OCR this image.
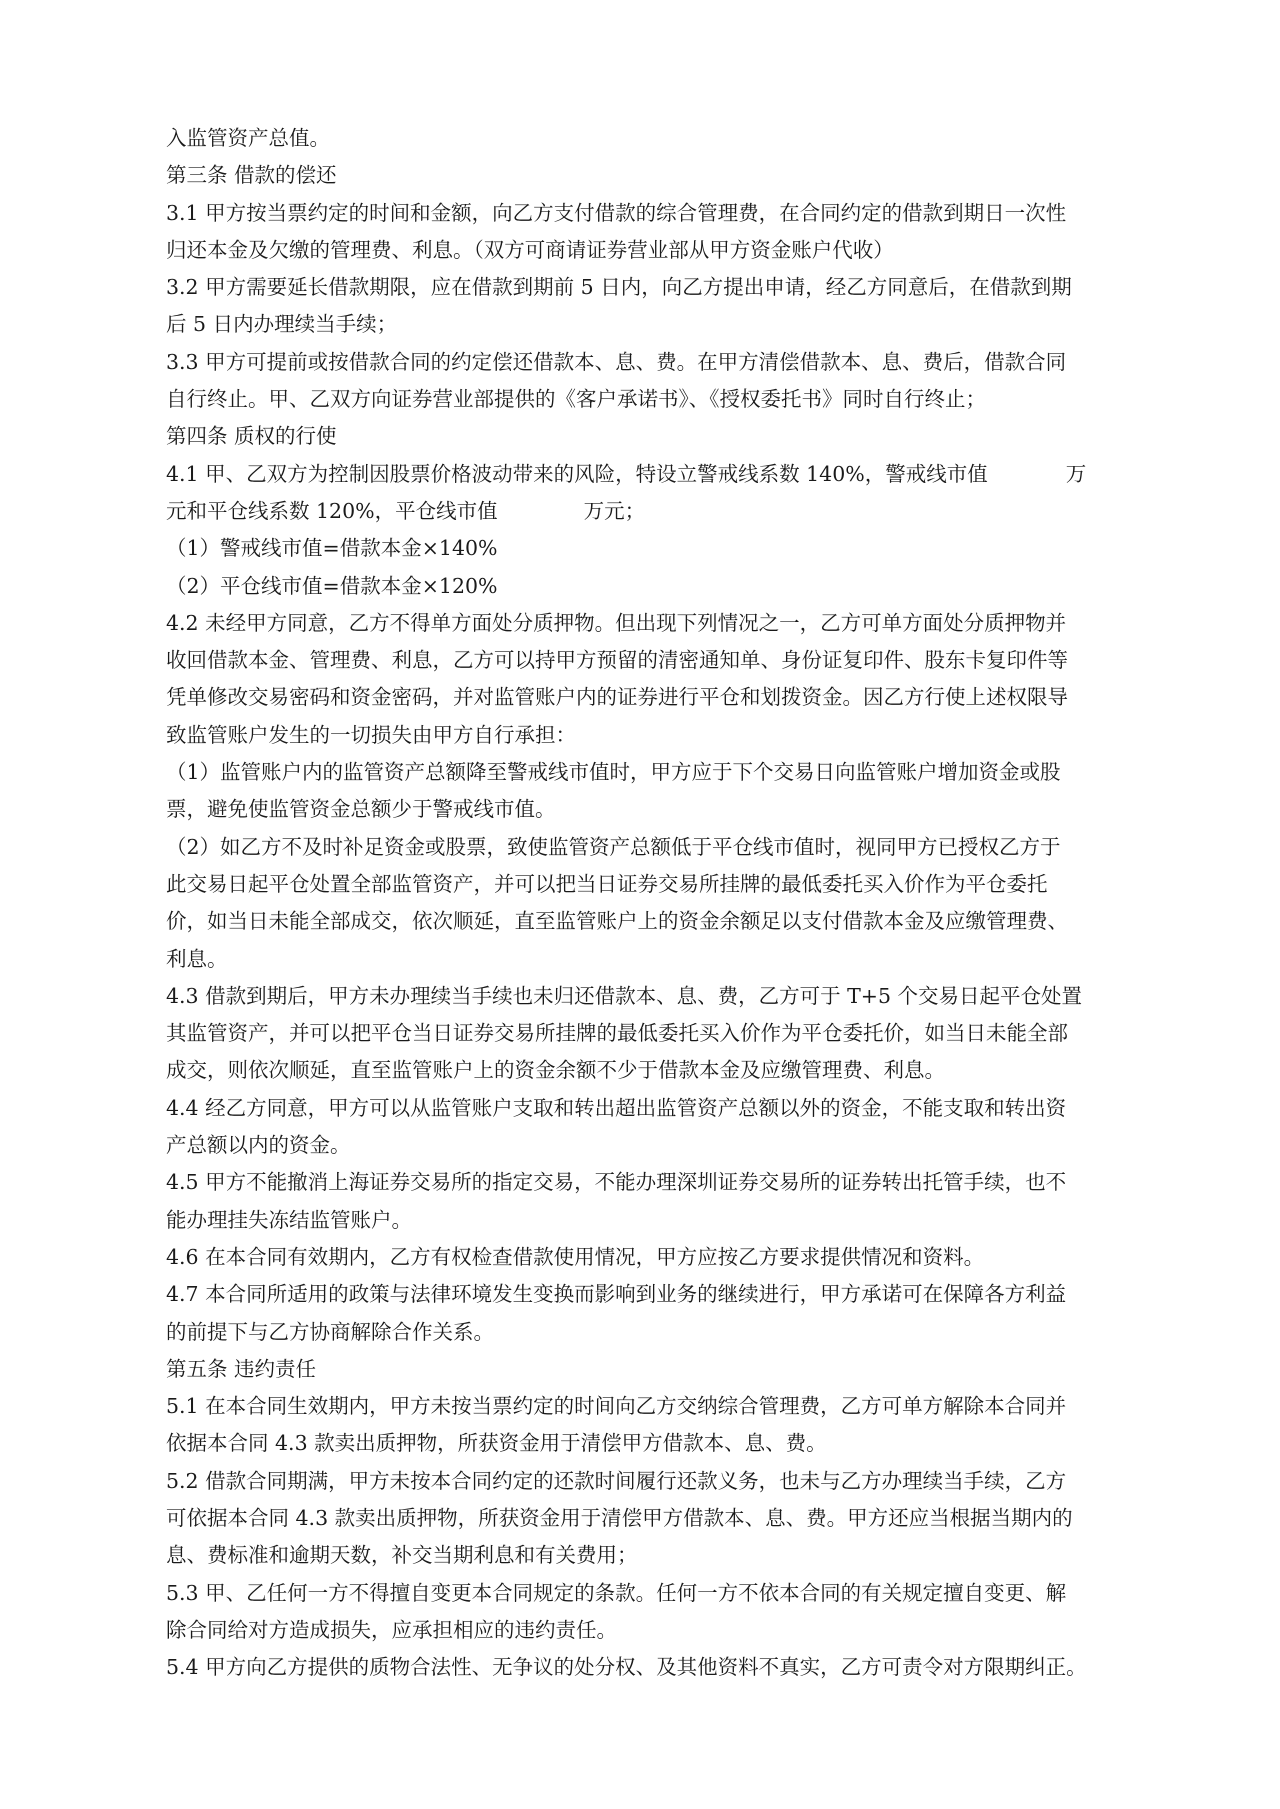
入监管资产总值。
第三条 借款的偿还
3.1 甲方按当票约定的时间和金额，向乙方支付借款的综合管理费，在合同约定的借款到期日一次性
归还本金及欠缴的管理费、利息。（双方可商请证券营业部从甲方资金账户代收）
3.2 甲方需要延长借款期限，应在借款到期前 5 日内，向乙方提出申请，经乙方同意后，在借款到期
后 5 日内办理续当手续；
3.3 甲方可提前或按借款合同的约定偿还借款本、息、费。在甲方清偿借款本、息、费后，借款合同
自行终止。甲、乙双方向证券营业部提供的《客户承诺书》、《授权委托书》同时自行终止；
第四条 质权的行使
4.1 甲、乙双方为控制因股票价格波动带来的风险，特设立警戒线系数 140%，警戒线市值	万
元和平仓线系数 120%，平仓线市值	万元；
（1）警戒线市值=借款本金×140%
（2）平仓线市值=借款本金×120%
4.2 未经甲方同意，乙方不得单方面处分质押物。但出现下列情况之一，乙方可单方面处分质押物并
收回借款本金、管理费、利息，乙方可以持甲方预留的清密通知单、身份证复印件、股东卡复印件等
凭单修改交易密码和资金密码，并对监管账户内的证券进行平仓和划拨资金。因乙方行使上述权限导
致监管账户发生的一切损失由甲方自行承担：
（1）监管账户内的监管资产总额降至警戒线市值时，甲方应于下个交易日向监管账户增加资金或股
票，避免使监管资金总额少于警戒线市值。
（2）如乙方不及时补足资金或股票，致使监管资产总额低于平仓线市值时，视同甲方已授权乙方于
此交易日起平仓处置全部监管资产，并可以把当日证券交易所挂牌的最低委托买入价作为平仓委托
价，如当日未能全部成交，依次顺延，直至监管账户上的资金余额足以支付借款本金及应缴管理费、
利息。
4.3 借款到期后，甲方未办理续当手续也未归还借款本、息、费，乙方可于 T+5 个交易日起平仓处置
其监管资产，并可以把平仓当日证券交易所挂牌的最低委托买入价作为平仓委托价，如当日未能全部
成交，则依次顺延，直至监管账户上的资金余额不少于借款本金及应缴管理费、利息。
4.4 经乙方同意，甲方可以从监管账户支取和转出超出监管资产总额以外的资金，不能支取和转出资
产总额以内的资金。
4.5 甲方不能撤消上海证券交易所的指定交易，不能办理深圳证券交易所的证券转出托管手续，也不
能办理挂失冻结监管账户。
4.6 在本合同有效期内，乙方有权检查借款使用情况，甲方应按乙方要求提供情况和资料。
4.7 本合同所适用的政策与法律环境发生变换而影响到业务的继续进行，甲方承诺可在保障各方利益
的前提下与乙方协商解除合作关系。
第五条 违约责任
5.1 在本合同生效期内，甲方未按当票约定的时间向乙方交纳综合管理费，乙方可单方解除本合同并
依据本合同 4.3 款卖出质押物，所获资金用于清偿甲方借款本、息、费。
5.2 借款合同期满，甲方未按本合同约定的还款时间履行还款义务，也未与乙方办理续当手续，乙方
可依据本合同 4.3 款卖出质押物，所获资金用于清偿甲方借款本、息、费。甲方还应当根据当期内的
息、费标准和逾期天数，补交当期利息和有关费用；
5.3 甲、乙任何一方不得擅自变更本合同规定的条款。任何一方不依本合同的有关规定擅自变更、解
除合同给对方造成损失，应承担相应的违约责任。
5.4 甲方向乙方提供的质物合法性、无争议的处分权、及其他资料不真实，乙方可责令对方限期纠正。
